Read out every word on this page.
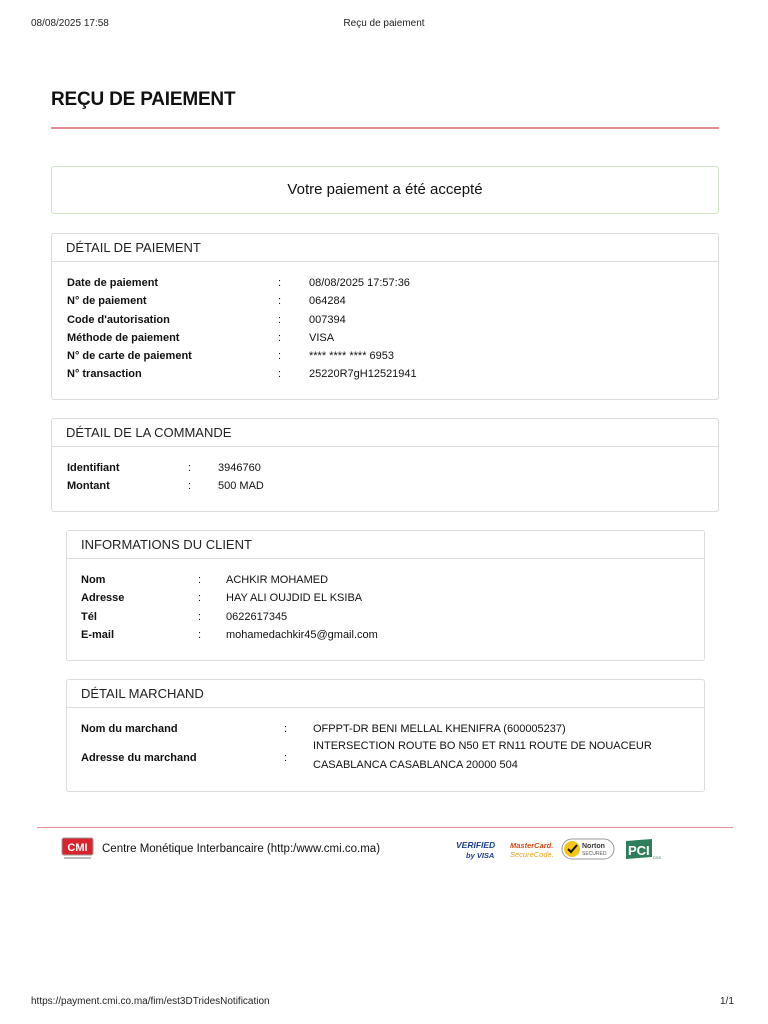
08/08/2025 17:58	Reçu de paiement
REÇU DE PAIEMENT
Votre paiement a été accepté
DÉTAIL DE PAIEMENT
Date de paiement	:	08/08/2025 17:57:36
N° de paiement	:	064284
Code d'autorisation	:	007394
Méthode de paiement	:	VISA
N° de carte de paiement	:	**** **** **** 6953
N° transaction	:	25220R7gH12521941
DÉTAIL DE LA COMMANDE
Identifiant	: 3946760
Montant	: 500 MAD
INFORMATIONS DU CLIENT
Nom	: ACHKIR MOHAMED
Adresse	: HAY ALI OUJDID EL KSIBA
Tél	: 0622617345
E-mail	: mohamedachkir45@gmail.com
DÉTAIL MARCHAND
Nom du marchand	: OFPPT-DR BENI MELLAL KHENIFRA (600005237)
Adresse du marchand	:
INTERSECTION ROUTE BO N50 ET RN11 ROUTE DE NOUACEUR CASABLANCA CASABLANCA 20000 504
CMI Centre Monétique Interbancaire (http:/www.cmi.co.ma)	VERIFIED
by VISA
MasterCard.
SecureCode.
Norton
SECURED PCI DSS
https://payment.cmi.co.ma/fim/est3DTridesNotification	1/1
